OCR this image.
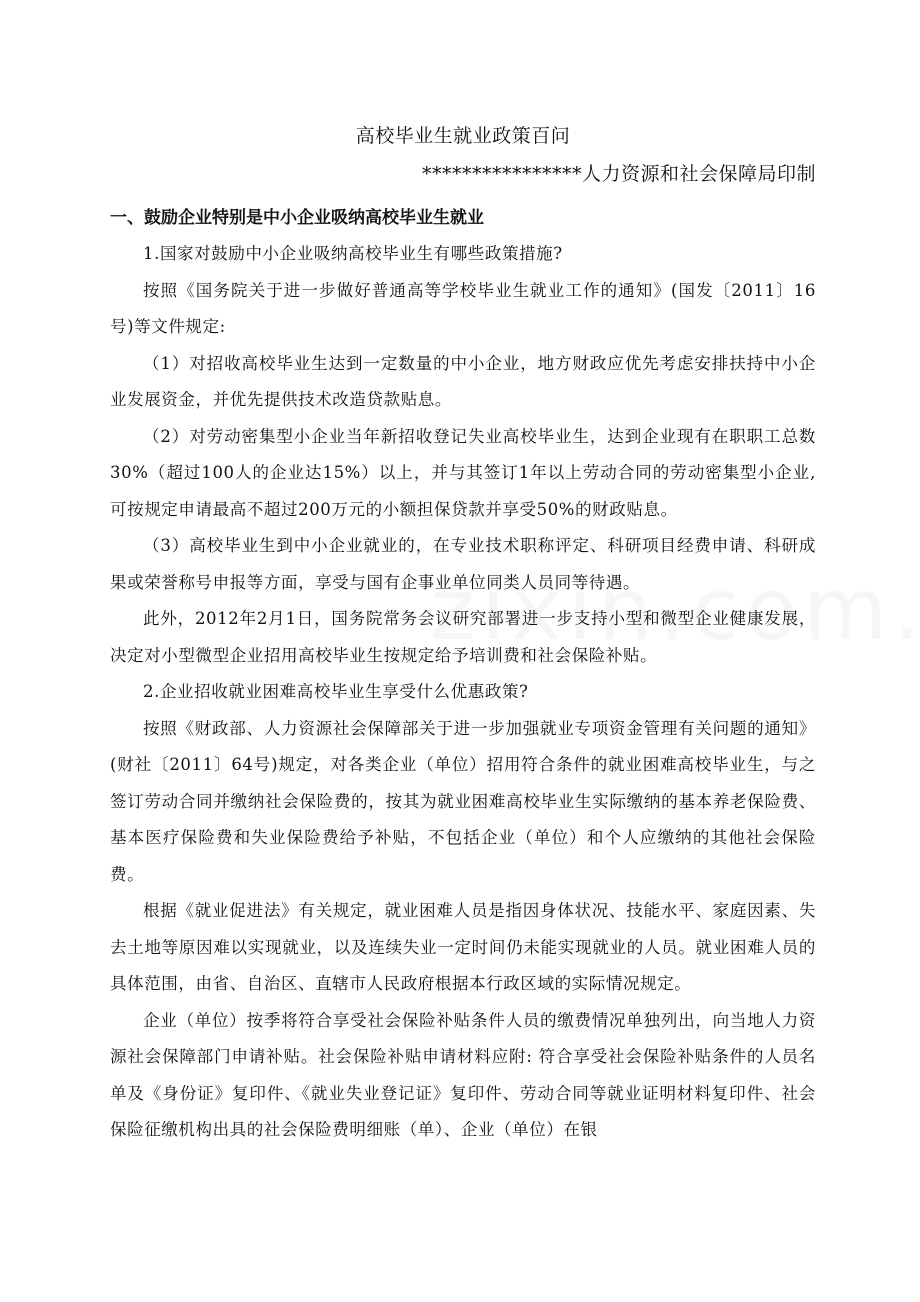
高校毕业生就业政策百问

****************人力资源和社会保障局印制

一、鼓励企业特别是中小企业吸纳高校毕业生就业

1.国家对鼓励中小企业吸纳高校毕业生有哪些政策措施?

按照《国务院关于进一步做好普通高等学校毕业生就业工作的通知》(国发〔2011〕16号)等文件规定:

（1）对招收高校毕业生达到一定数量的中小企业，地方财政应优先考虑安排扶持中小企业发展资金，并优先提供技术改造贷款贴息。

（2）对劳动密集型小企业当年新招收登记失业高校毕业生，达到企业现有在职职工总数30%（超过100人的企业达15%）以上，并与其签订1年以上劳动合同的劳动密集型小企业,可按规定申请最高不超过200万元的小额担保贷款并享受50%的财政贴息。

（3）高校毕业生到中小企业就业的，在专业技术职称评定、科研项目经费申请、科研成果或荣誉称号申报等方面，享受与国有企事业单位同类人员同等待遇。

此外，2012年2月1日，国务院常务会议研究部署进一步支持小型和微型企业健康发展，决定对小型微型企业招用高校毕业生按规定给予培训费和社会保险补贴。

2.企业招收就业困难高校毕业生享受什么优惠政策?

按照《财政部、人力资源社会保障部关于进一步加强就业专项资金管理有关问题的通知》(财社〔2011〕64号)规定，对各类企业（单位）招用符合条件的就业困难高校毕业生，与之签订劳动合同并缴纳社会保险费的，按其为就业困难高校毕业生实际缴纳的基本养老保险费、基本医疗保险费和失业保险费给予补贴，不包括企业（单位）和个人应缴纳的其他社会保险费。

根据《就业促进法》有关规定，就业困难人员是指因身体状况、技能水平、家庭因素、失去土地等原因难以实现就业，以及连续失业一定时间仍未能实现就业的人员。就业困难人员的具体范围，由省、自治区、直辖市人民政府根据本行政区域的实际情况规定。

企业（单位）按季将符合享受社会保险补贴条件人员的缴费情况单独列出，向当地人力资源社会保障部门申请补贴。社会保险补贴申请材料应附: 符合享受社会保险补贴条件的人员名单及《身份证》复印件、《就业失业登记证》复印件、劳动合同等就业证明材料复印件、社会保险征缴机构出具的社会保险费明细账（单）、企业（单位）在银
